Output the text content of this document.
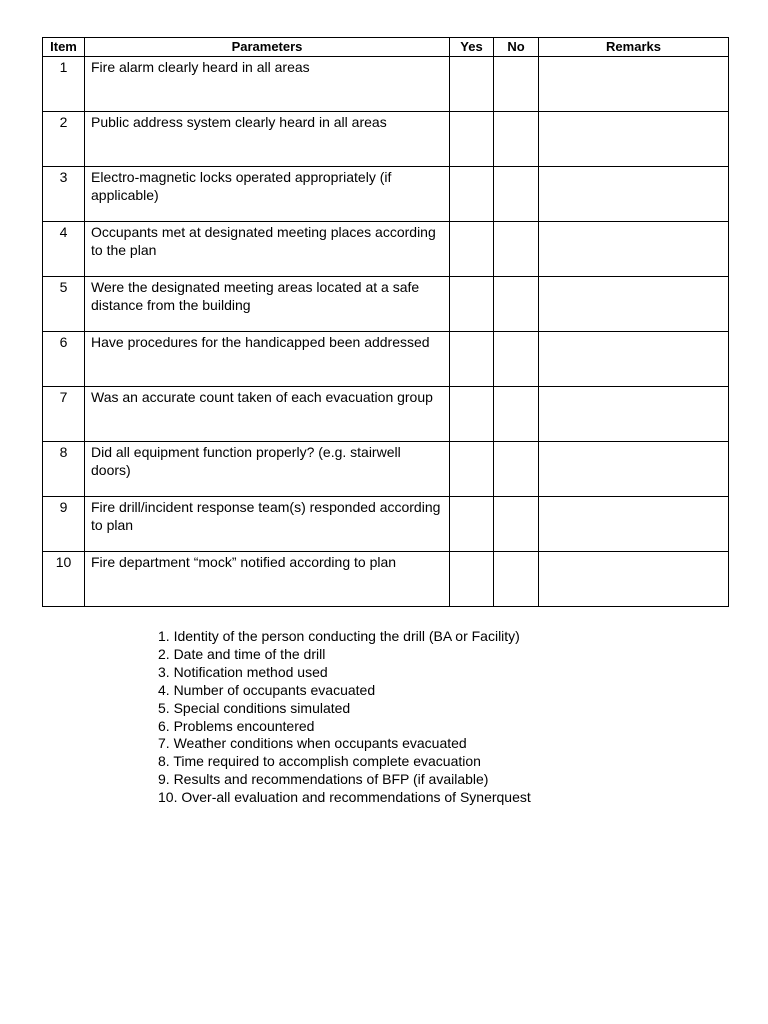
Item	Parameters	Yes	No	Remarks
1	Fire alarm clearly heard in all areas			
2	Public address system clearly heard in all areas			
3	Electro-magnetic locks operated appropriately (if applicable)			
4	Occupants met at designated meeting places according to the plan			
5	Were the designated meeting areas located at a safe distance from the building			
6	Have procedures for the handicapped been addressed			
7	Was an accurate count taken of each evacuation group			
8	Did all equipment function properly? (e.g. stairwell doors)			
9	Fire drill/incident response team(s) responded according to plan			
10	Fire department “mock” notified according to plan			
1. Identity of the person conducting the drill (BA or Facility)
2. Date and time of the drill
3. Notification method used
4. Number of occupants evacuated
5. Special conditions simulated
6. Problems encountered
7. Weather conditions when occupants evacuated
8. Time required to accomplish complete evacuation
9. Results and recommendations of BFP (if available)
10. Over-all evaluation and recommendations of Synerquest
